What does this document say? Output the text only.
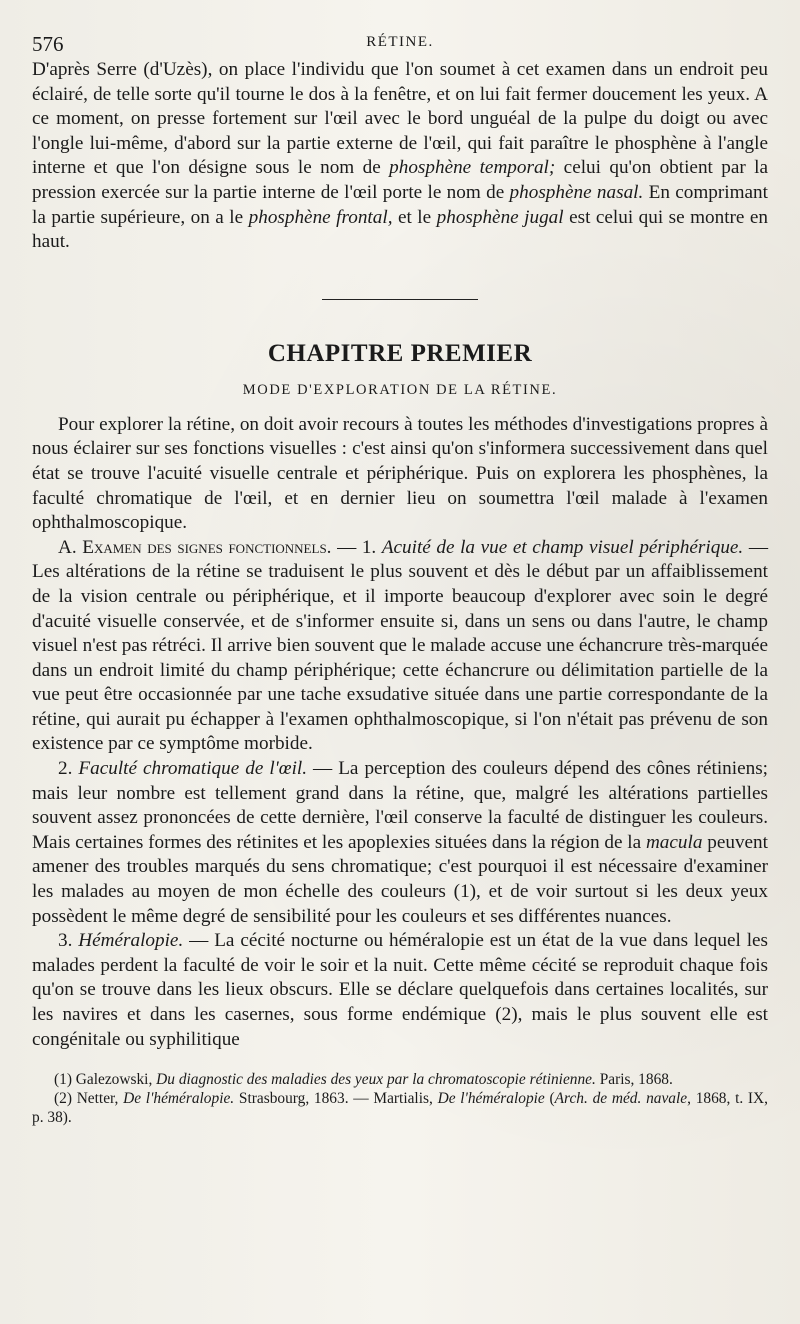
576	RÉTINE.

D'après Serre (d'Uzès), on place l'individu que l'on soumet à cet examen dans un endroit peu éclairé, de telle sorte qu'il tourne le dos à la fenêtre, et on lui fait fermer doucement les yeux. A ce moment, on presse fortement sur l'œil avec le bord unguéal de la pulpe du doigt ou avec l'ongle lui-même, d'abord sur la partie externe de l'œil, qui fait paraître le phosphène à l'angle interne et que l'on désigne sous le nom de phosphène temporal; celui qu'on obtient par la pression exercée sur la partie interne de l'œil porte le nom de phosphène nasal. En comprimant la partie supérieure, on a le phosphène frontal, et le phosphène jugal est celui qui se montre en haut.

CHAPITRE PREMIER
MODE D'EXPLORATION DE LA RÉTINE.

Pour explorer la rétine, on doit avoir recours à toutes les méthodes d'investigations propres à nous éclairer sur ses fonctions visuelles : c'est ainsi qu'on s'informera successivement dans quel état se trouve l'acuité visuelle centrale et périphérique. Puis on explorera les phosphènes, la faculté chromatique de l'œil, et en dernier lieu on soumettra l'œil malade à l'examen ophthalmoscopique.

A. Examen des signes fonctionnels. — 1. Acuité de la vue et champ visuel périphérique. — Les altérations de la rétine se traduisent le plus souvent et dès le début par un affaiblissement de la vision centrale ou périphérique, et il importe beaucoup d'explorer avec soin le degré d'acuité visuelle conservée, et de s'informer ensuite si, dans un sens ou dans l'autre, le champ visuel n'est pas rétréci. Il arrive bien souvent que le malade accuse une échancrure très-marquée dans un endroit limité du champ périphérique; cette échancrure ou délimitation partielle de la vue peut être occasionnée par une tache exsudative située dans une partie correspondante de la rétine, qui aurait pu échapper à l'examen ophthalmoscopique, si l'on n'était pas prévenu de son existence par ce symptôme morbide.

2. Faculté chromatique de l'œil. — La perception des couleurs dépend des cônes rétiniens; mais leur nombre est tellement grand dans la rétine, que, malgré les altérations partielles souvent assez prononcées de cette dernière, l'œil conserve la faculté de distinguer les couleurs. Mais certaines formes des rétinites et les apoplexies situées dans la région de la macula peuvent amener des troubles marqués du sens chromatique; c'est pourquoi il est nécessaire d'examiner les malades au moyen de mon échelle des couleurs (1), et de voir surtout si les deux yeux possèdent le même degré de sensibilité pour les couleurs et ses différentes nuances.

3. Héméralopie. — La cécité nocturne ou héméralopie est un état de la vue dans lequel les malades perdent la faculté de voir le soir et la nuit. Cette même cécité se reproduit chaque fois qu'on se trouve dans les lieux obscurs. Elle se déclare quelquefois dans certaines localités, sur les navires et dans les casernes, sous forme endémique (2), mais le plus souvent elle est congénitale ou syphilitique

(1) Galezowski, Du diagnostic des maladies des yeux par la chromatoscopie rétinienne. Paris, 1868.

(2) Netter, De l'héméralopie. Strasbourg, 1863. — Martialis, De l'héméralopie (Arch. de méd. navale, 1868, t. IX, p. 38).
